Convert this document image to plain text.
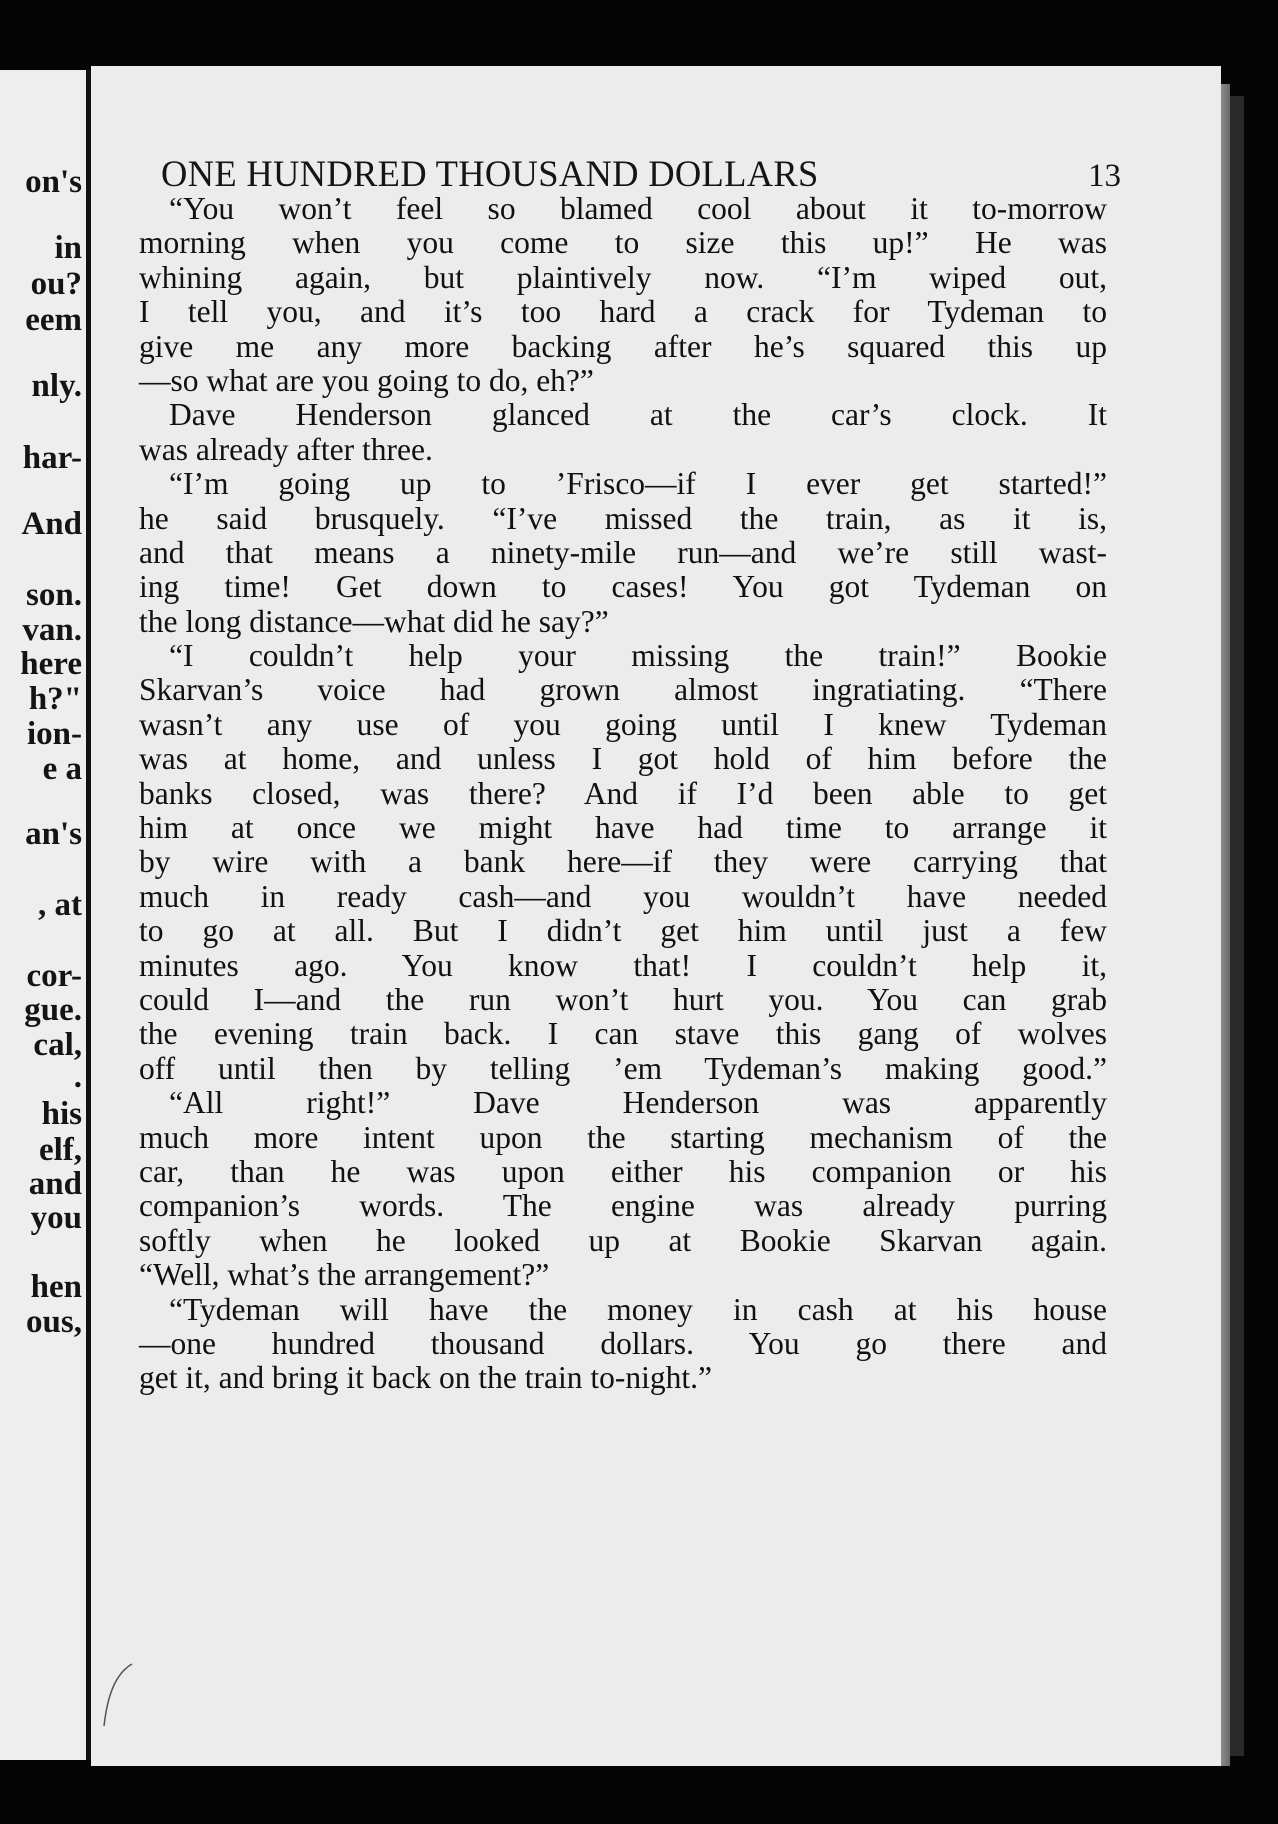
on's

in

ou?

eem

nly.

har-

And

son.

van.

here

h?"

ion-

e a

an's

, at

cor-

gue.

cal,

.

his

elf,

and

you

hen

ous,

ONE HUNDRED THOUSAND DOLLARS	13
“You won’t feel so blamed cool about it to-morrow
morning when you come to size this up!” He was
whining again, but plaintively now. “I’m wiped out,
I tell you, and it’s too hard a crack for Tydeman to
give me any more backing after he’s squared this up
—so what are you going to do, eh?”
Dave Henderson glanced at the car’s clock. It
was already after three.
“I’m going up to ’Frisco—if I ever get started!”
he said brusquely. “I’ve missed the train, as it is,
and that means a ninety-mile run—and we’re still wast-
ing time! Get down to cases! You got Tydeman on
the long distance—what did he say?”
“I couldn’t help your missing the train!” Bookie
Skarvan’s voice had grown almost ingratiating. “There
wasn’t any use of you going until I knew Tydeman
was at home, and unless I got hold of him before the
banks closed, was there? And if I’d been able to get
him at once we might have had time to arrange it
by wire with a bank here—if they were carrying that
much in ready cash—and you wouldn’t have needed
to go at all. But I didn’t get him until just a few
minutes ago. You know that! I couldn’t help it,
could I—and the run won’t hurt you. You can grab
the evening train back. I can stave this gang of wolves
off until then by telling ’em Tydeman’s making good.”
“All right!” Dave Henderson was apparently
much more intent upon the starting mechanism of the
car, than he was upon either his companion or his
companion’s words. The engine was already purring
softly when he looked up at Bookie Skarvan again.
“Well, what’s the arrangement?”
“Tydeman will have the money in cash at his house
—one hundred thousand dollars. You go there and
get it, and bring it back on the train to-night.”
